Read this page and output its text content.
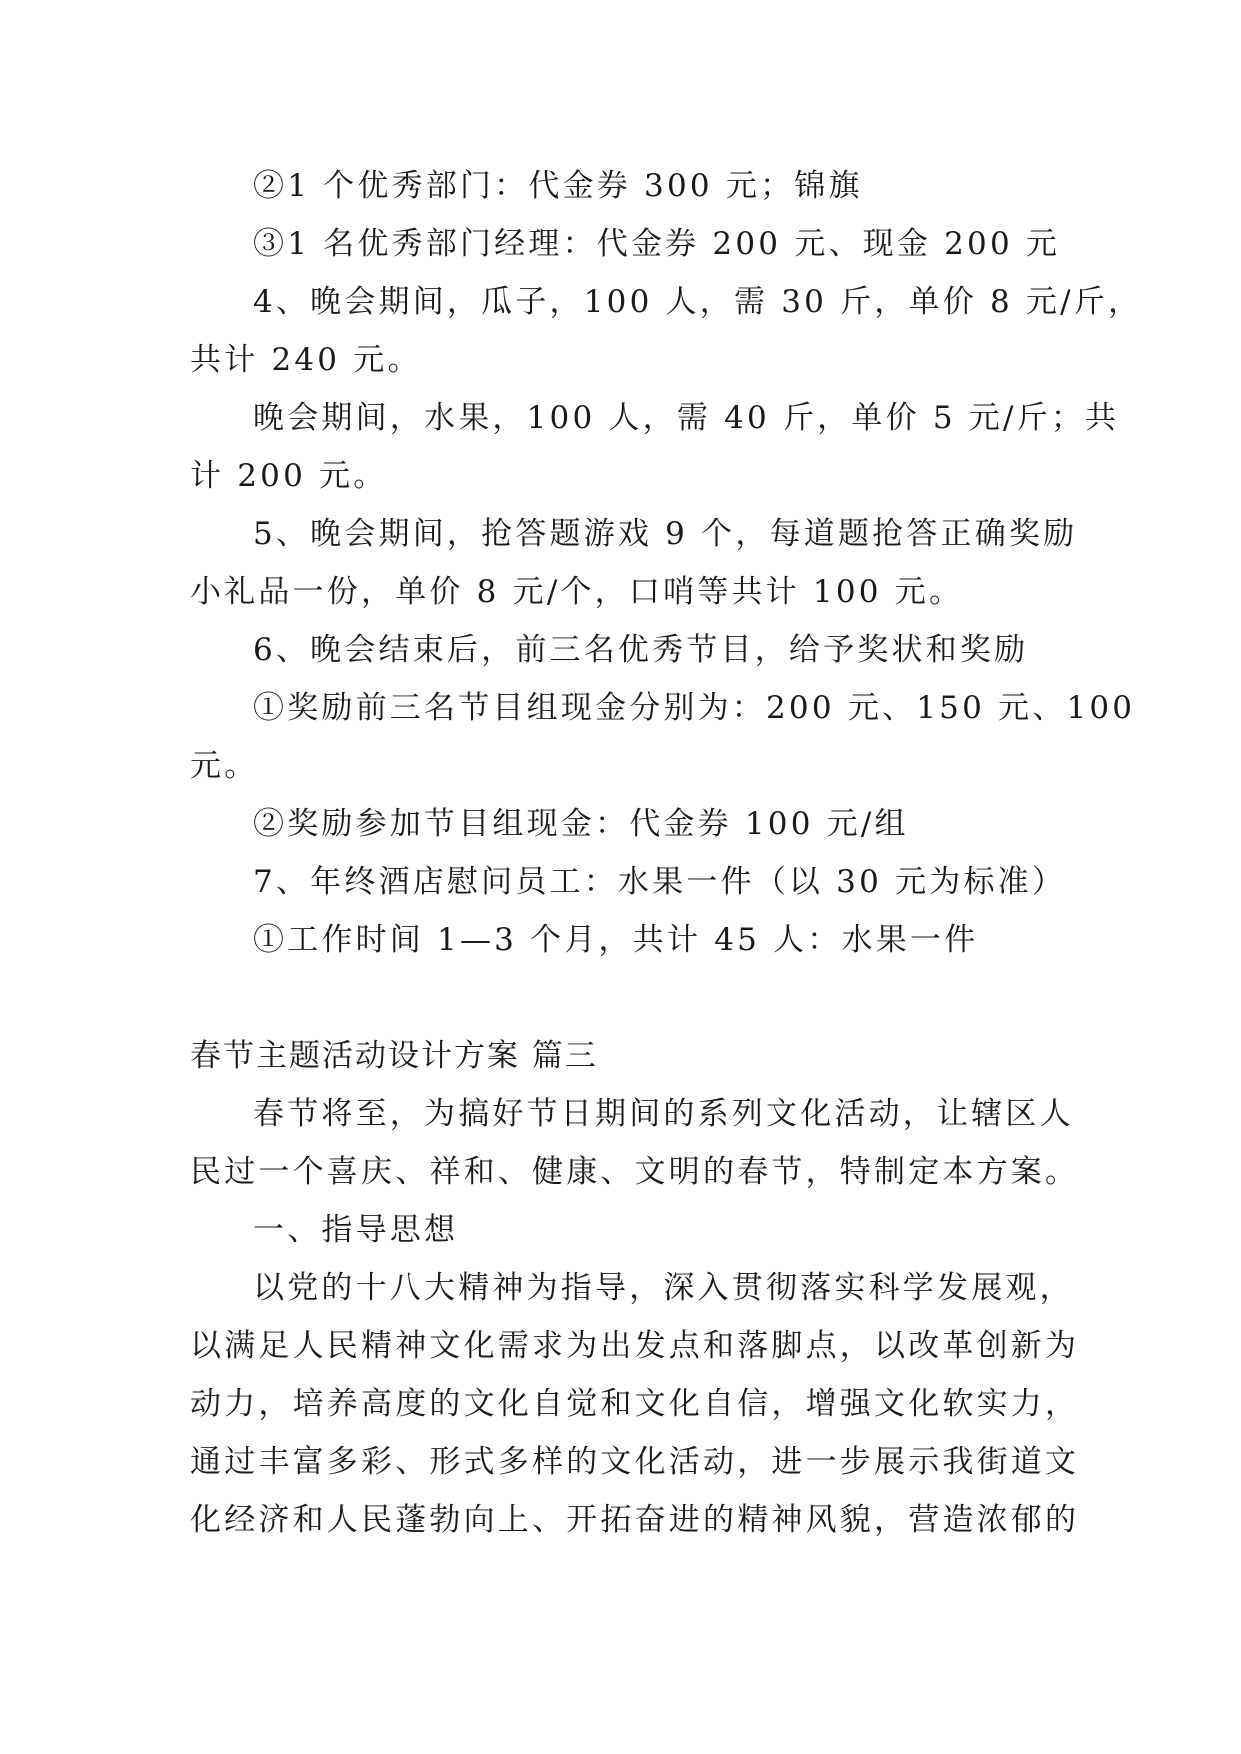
②1 个优秀部门：代金券 300 元；锦旗
③1 名优秀部门经理：代金券 200 元、现金 200 元
4、晚会期间，瓜子，100 人，需 30 斤，单价 8 元/斤，
共计 240 元。
晚会期间，水果，100 人，需 40 斤，单价 5 元/斤；共
计 200 元。
5、晚会期间，抢答题游戏 9 个，每道题抢答正确奖励
小礼品一份，单价 8 元/个，口哨等共计 100 元。
6、晚会结束后，前三名优秀节目，给予奖状和奖励
①奖励前三名节目组现金分别为：200 元、150 元、100
元。
②奖励参加节目组现金：代金券 100 元/组
7、年终酒店慰问员工：水果一件（以 30 元为标准）
①工作时间 1—3 个月，共计 45 人：水果一件
春节主题活动设计方案 篇三
春节将至，为搞好节日期间的系列文化活动，让辖区人
民过一个喜庆、祥和、健康、文明的春节，特制定本方案。
一、指导思想
以党的十八大精神为指导，深入贯彻落实科学发展观，
以满足人民精神文化需求为出发点和落脚点，以改革创新为
动力，培养高度的文化自觉和文化自信，增强文化软实力，
通过丰富多彩、形式多样的文化活动，进一步展示我街道文
化经济和人民蓬勃向上、开拓奋进的精神风貌，营造浓郁的
